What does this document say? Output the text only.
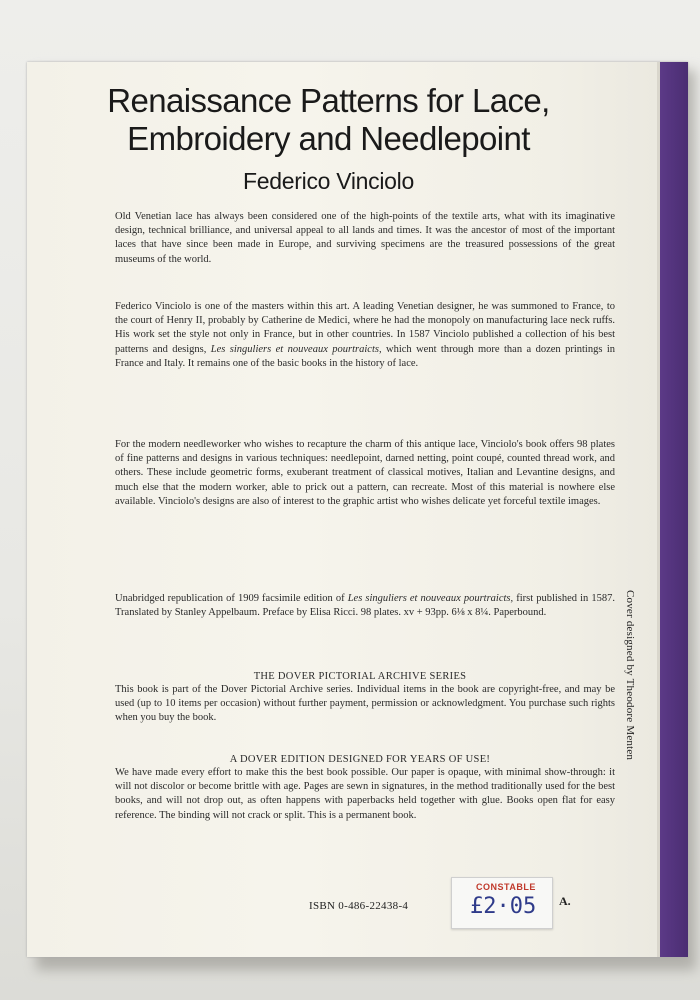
Renaissance Patterns for Lace,
Embroidery and Needlepoint
Federico Vinciolo

Old Venetian lace has always been considered one of the high-points of the textile arts, what with its imaginative design, technical brilliance, and universal appeal to all lands and times. It was the ancestor of most of the important laces that have since been made in Europe, and surviving specimens are the treasured possessions of the great museums of the world.

Federico Vinciolo is one of the masters within this art. A leading Venetian designer, he was summoned to France, to the court of Henry II, probably by Catherine de Medici, where he had the monopoly on manufacturing lace neck ruffs. His work set the style not only in France, but in other countries. In 1587 Vinciolo published a collection of his best patterns and designs, Les singuliers et nouveaux pourtraicts, which went through more than a dozen printings in France and Italy. It remains one of the basic books in the history of lace.

For the modern needleworker who wishes to recapture the charm of this antique lace, Vinciolo's book offers 98 plates of fine patterns and designs in various techniques: needlepoint, darned netting, point coupé, counted thread work, and others. These include geometric forms, exuberant treatment of classical motives, Italian and Levantine designs, and much else that the modern worker, able to prick out a pattern, can recreate. Most of this material is nowhere else available. Vinciolo's designs are also of interest to the graphic artist who wishes delicate yet forceful textile images.

Unabridged republication of 1909 facsimile edition of Les singuliers et nouveaux pourtraicts, first published in 1587. Translated by Stanley Appelbaum. Preface by Elisa Ricci. 98 plates. xv + 93pp. 6⅛ x 8¼. Paperbound.

THE DOVER PICTORIAL ARCHIVE SERIES

This book is part of the Dover Pictorial Archive series. Individual items in the book are copyright-free, and may be used (up to 10 items per occasion) without further payment, permission or acknowledgment. You purchase such rights when you buy the book.

A DOVER EDITION DESIGNED FOR YEARS OF USE!

We have made every effort to make this the best book possible. Our paper is opaque, with minimal show-through: it will not discolor or become brittle with age. Pages are sewn in signatures, in the method traditionally used for the best books, and will not drop out, as often happens with paperbacks held together with glue. Books open flat for easy reference. The binding will not crack or split. This is a permanent book.

ISBN 0-486-22438-4
CONSTABLE
£2·05 A.
Cover designed by Theodore Menten
